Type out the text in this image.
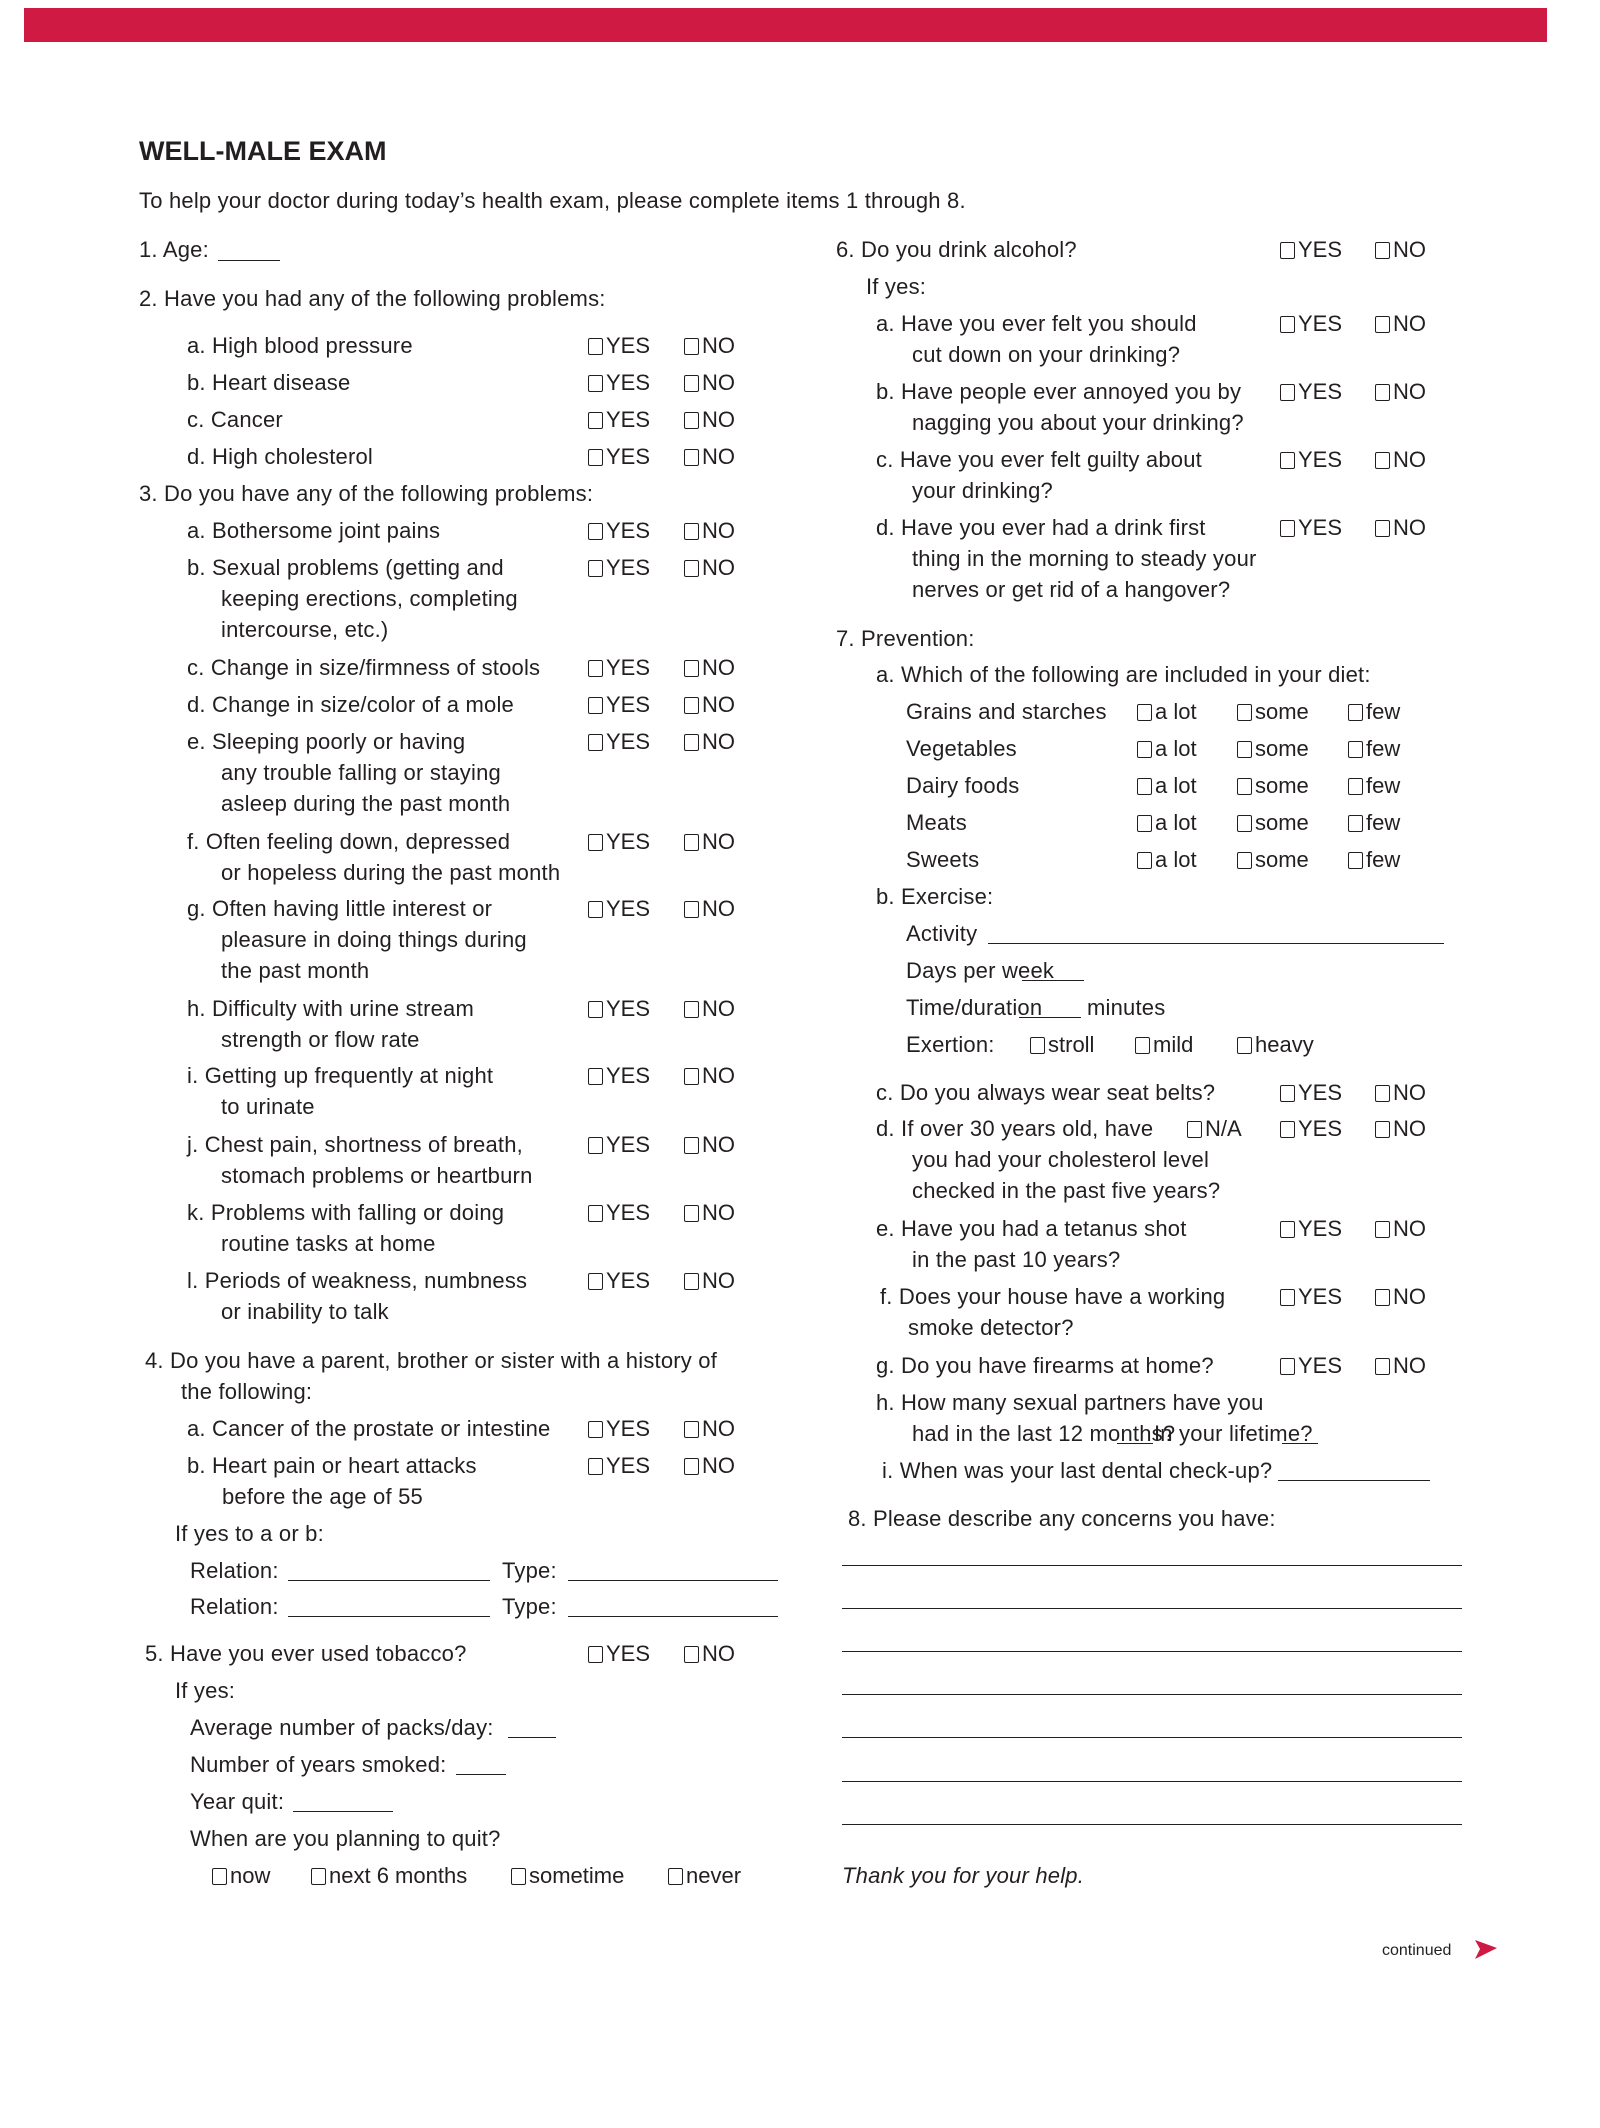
WELL-MALE EXAM
To help your doctor during today’s health exam, please complete items 1 through 8.
1. Age:
2. Have you had any of the following problems:
a. High blood pressure	YES	NO
b. Heart disease	YES	NO
c. Cancer	YES	NO
d. High cholesterol	YES	NO
3. Do you have any of the following problems:
a. Bothersome joint pains	YES	NO
b. Sexual problems (getting and
keeping erections, completing
intercourse, etc.)
YES	NO
c. Change in size/firmness of stools	YES	NO
d. Change in size/color of a mole	YES	NO
e. Sleeping poorly or having
any trouble falling or staying
asleep during the past month
YES	NO
f. Often feeling down, depressed
or hopeless during the past month
YES	NO
g. Often having little interest or
pleasure in doing things during
the past month
YES	NO
h. Difficulty with urine stream
strength or flow rate
YES	NO
i. Getting up frequently at night
to urinate
YES	NO
j. Chest pain, shortness of breath,
stomach problems or heartburn
YES	NO
k. Problems with falling or doing
routine tasks at home
YES	NO
l. Periods of weakness, numbness
or inability to talk
YES	NO
4. Do you have a parent, brother or sister with a history of
the following:
a. Cancer of the prostate or intestine	YES	NO
b. Heart pain or heart attacks
before the age of 55
YES	NO
If yes to a or b:
Relation:	Type:
Relation:	Type:
5. Have you ever used tobacco?	YES	NO
If yes:
Average number of packs/day:
Number of years smoked:
Year quit:
When are you planning to quit?
now	next 6 months	sometime	never
6. Do you drink alcohol?	YES	NO
If yes:
a. Have you ever felt you should
cut down on your drinking?
YES	NO
b. Have people ever annoyed you by
nagging you about your drinking?
YES	NO
c. Have you ever felt guilty about
your drinking?
YES	NO
d. Have you ever had a drink first
thing in the morning to steady your
nerves or get rid of a hangover?
YES	NO
7. Prevention:
a. Which of the following are included in your diet:
Grains and starches	a lot	some	few
Vegetables	a lot	some	few
Dairy foods	a lot	some	few
Meats	a lot	some	few
Sweets	a lot	some	few
b. Exercise:
Activity
Days per week
Time/duration minutes
Exertion:	stroll	mild	heavy
c. Do you always wear seat belts?	YES	NO
d. If over 30 years old, have
you had your cholesterol level
checked in the past five years?
N/A	YES	NO
e. Have you had a tetanus shot
in the past 10 years?
YES	NO
f. Does your house have a working
smoke detector?
YES	NO
g. Do you have firearms at home?	YES	NO
h. How many sexual partners have you
had in the last 12 months?
In your lifetime?
i. When was your last dental check-up?
8. Please describe any concerns you have:
Thank you for your help.
continued
